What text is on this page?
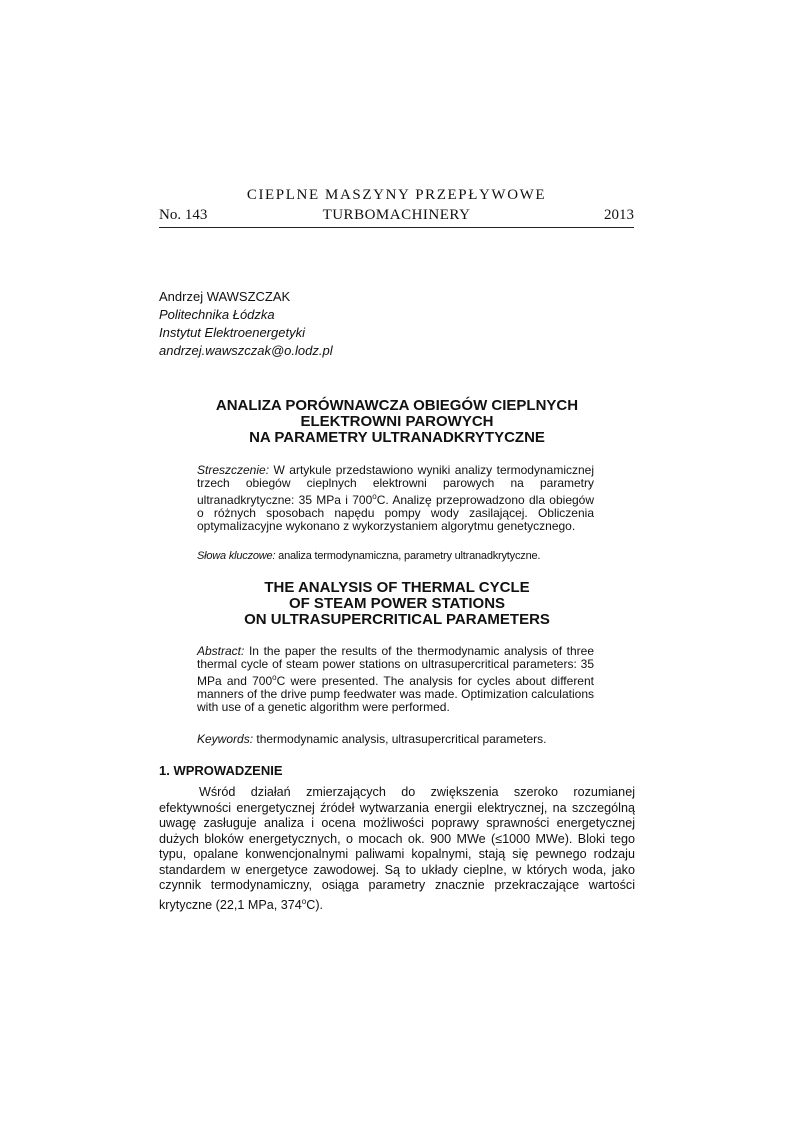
CIEPLNE MASZYNY PRZEPŁYWOWE
No. 143	TURBOMACHINERY	2013
Andrzej WAWSZCZAK
Politechnika Łódzka
Instytut Elektroenergetyki
andrzej.wawszczak@o.lodz.pl
ANALIZA PORÓWNAWCZA OBIEGÓW CIEPLNYCH
ELEKTROWNI PAROWYCH
NA PARAMETRY ULTRANADKRYTYCZNE
Streszczenie: W artykule przedstawiono wyniki analizy termodynamicznej trzech obiegów cieplnych elektrowni parowych na parametry ultranadkrytyczne: 35 MPa i 700$^o$C. Analizę przeprowadzono dla obiegów o różnych sposobach napędu pompy wody zasilającej. Obliczenia optymalizacyjne wykonano z wykorzystaniem algorytmu genetycznego.
Słowa kluczowe: analiza termodynamiczna, parametry ultranadkrytyczne.
THE ANALYSIS OF THERMAL CYCLE
OF STEAM POWER STATIONS
ON ULTRASUPERCRITICAL PARAMETERS
Abstract: In the paper the results of the thermodynamic analysis of three thermal cycle of steam power stations on ultrasupercritical parameters: 35 MPa and 700$^o$C were presented. The analysis for cycles about different manners of the drive pump feedwater was made. Optimization calculations with use of a genetic algorithm were performed.
Keywords: thermodynamic analysis, ultrasupercritical parameters.
1. WPROWADZENIE
Wśród działań zmierzających do zwiększenia szeroko rozumianej efektywności energetycznej źródeł wytwarzania energii elektrycznej, na szczególną uwagę zasługuje analiza i ocena możliwości poprawy sprawności energetycznej dużych bloków energetycznych, o mocach ok. 900 MWe (≤1000 MWe). Bloki tego typu, opalane konwencjonalnymi paliwami kopalnymi, stają się pewnego rodzaju standardem w energetyce zawodowej. Są to układy cieplne, w których woda, jako czynnik termodynamiczny, osiąga parametry znacznie przekraczające wartości krytyczne (22,1 MPa, 374$^o$C).
